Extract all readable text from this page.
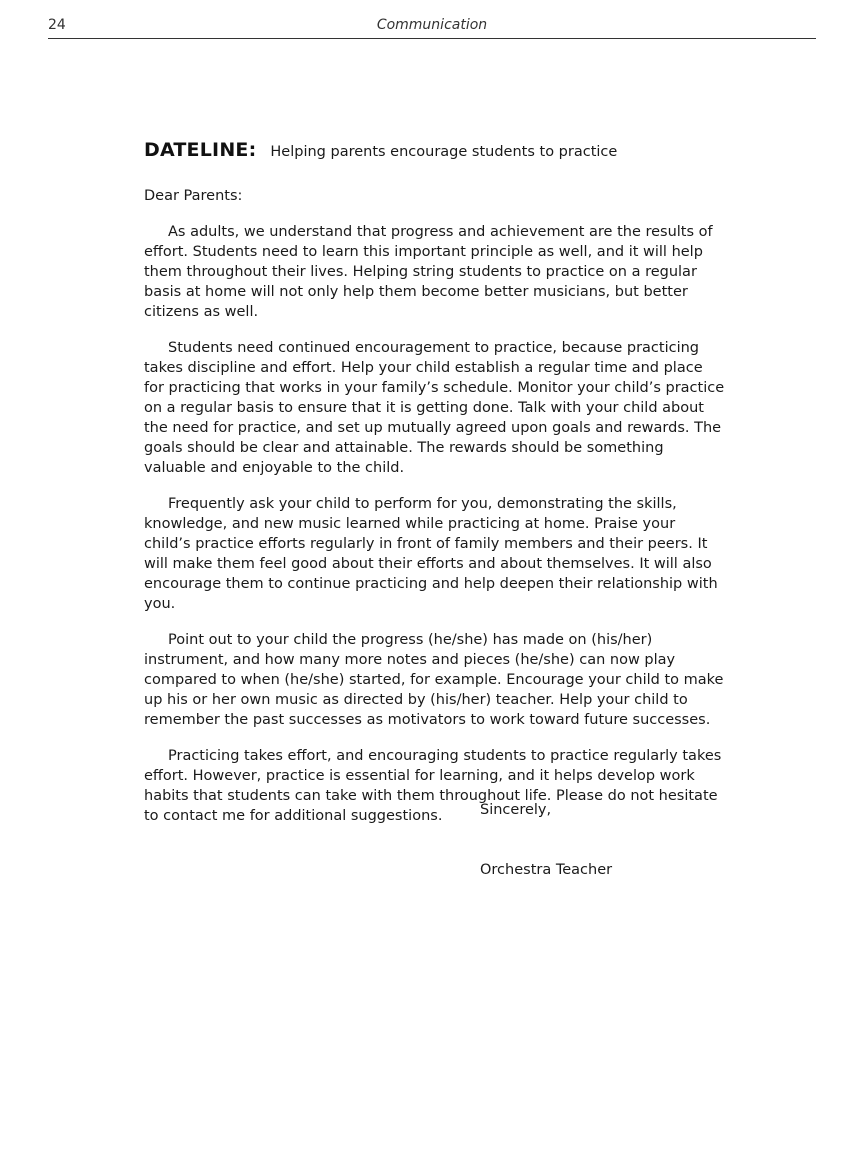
24	Communication
DATELINE: Helping parents encourage students to practice

Dear Parents:

As adults, we understand that progress and achievement are the results of effort. Students need to learn this important principle as well, and it will help them throughout their lives. Helping string students to practice on a regular basis at home will not only help them become better musicians, but better citizens as well.

Students need continued encouragement to practice, because practicing takes discipline and effort. Help your child establish a regular time and place for practicing that works in your family’s schedule. Monitor your child’s practice on a regular basis to ensure that it is getting done. Talk with your child about the need for practice, and set up mutually agreed upon goals and rewards. The goals should be clear and attainable. The rewards should be something valuable and enjoyable to the child.

Frequently ask your child to perform for you, demonstrating the skills, knowledge, and new music learned while practicing at home. Praise your child’s practice efforts regularly in front of family members and their peers. It will make them feel good about their efforts and about themselves. It will also encourage them to continue practicing and help deepen their relationship with you.

Point out to your child the progress (he/she) has made on (his/her) instrument, and how many more notes and pieces (he/she) can now play compared to when (he/she) started, for example. Encourage your child to make up his or her own music as directed by (his/her) teacher. Help your child to remember the past successes as motivators to work toward future successes.

Practicing takes effort, and encouraging students to practice regularly takes effort. However, practice is essential for learning, and it helps develop work habits that students can take with them throughout life. Please do not hesitate to contact me for additional suggestions.	Sincerely,
Orchestra Teacher
